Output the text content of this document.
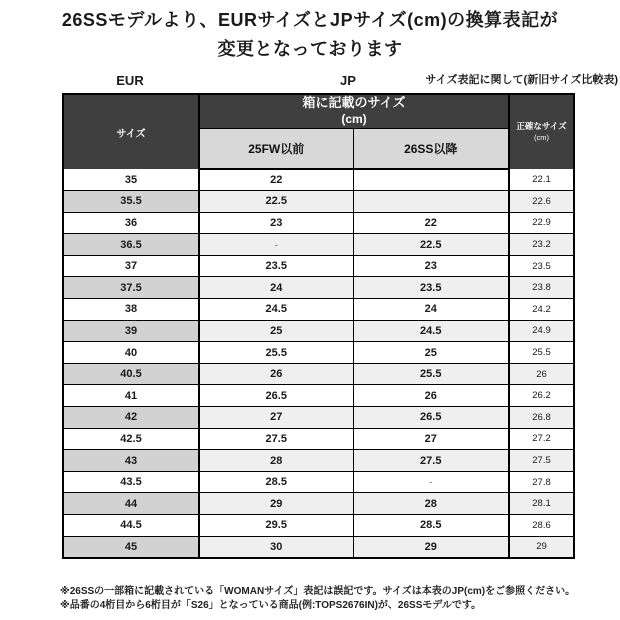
26SSモデルより、EURサイズとJPサイズ(cm)の換算表記が
変更となっております
EUR	JP	サイズ表記に関して(新旧サイズ比較表)
サイズ	箱に記載のサイズ
(cm)		正確なサイズ
(cm)
	25FW以前	26SS以降	
35	22		22.1
35.5	22.5		22.6
36	23	22	22.9
36.5	-	22.5	23.2
37	23.5	23	23.5
37.5	24	23.5	23.8
38	24.5	24	24.2
39	25	24.5	24.9
40	25.5	25	25.5
40.5	26	25.5	26
41	26.5	26	26.2
42	27	26.5	26.8
42.5	27.5	27	27.2
43	28	27.5	27.5
43.5	28.5	-	27.8
44	29	28	28.1
44.5	29.5	28.5	28.6
45	30	29	29
※26SSの一部箱に記載されている「WOMANサイズ」表記は誤記です。サイズは本表のJP(cm)をご参照ください。
※品番の4桁目から6桁目が「S26」となっている商品(例:TOPS2676IN)が、26SSモデルです。
